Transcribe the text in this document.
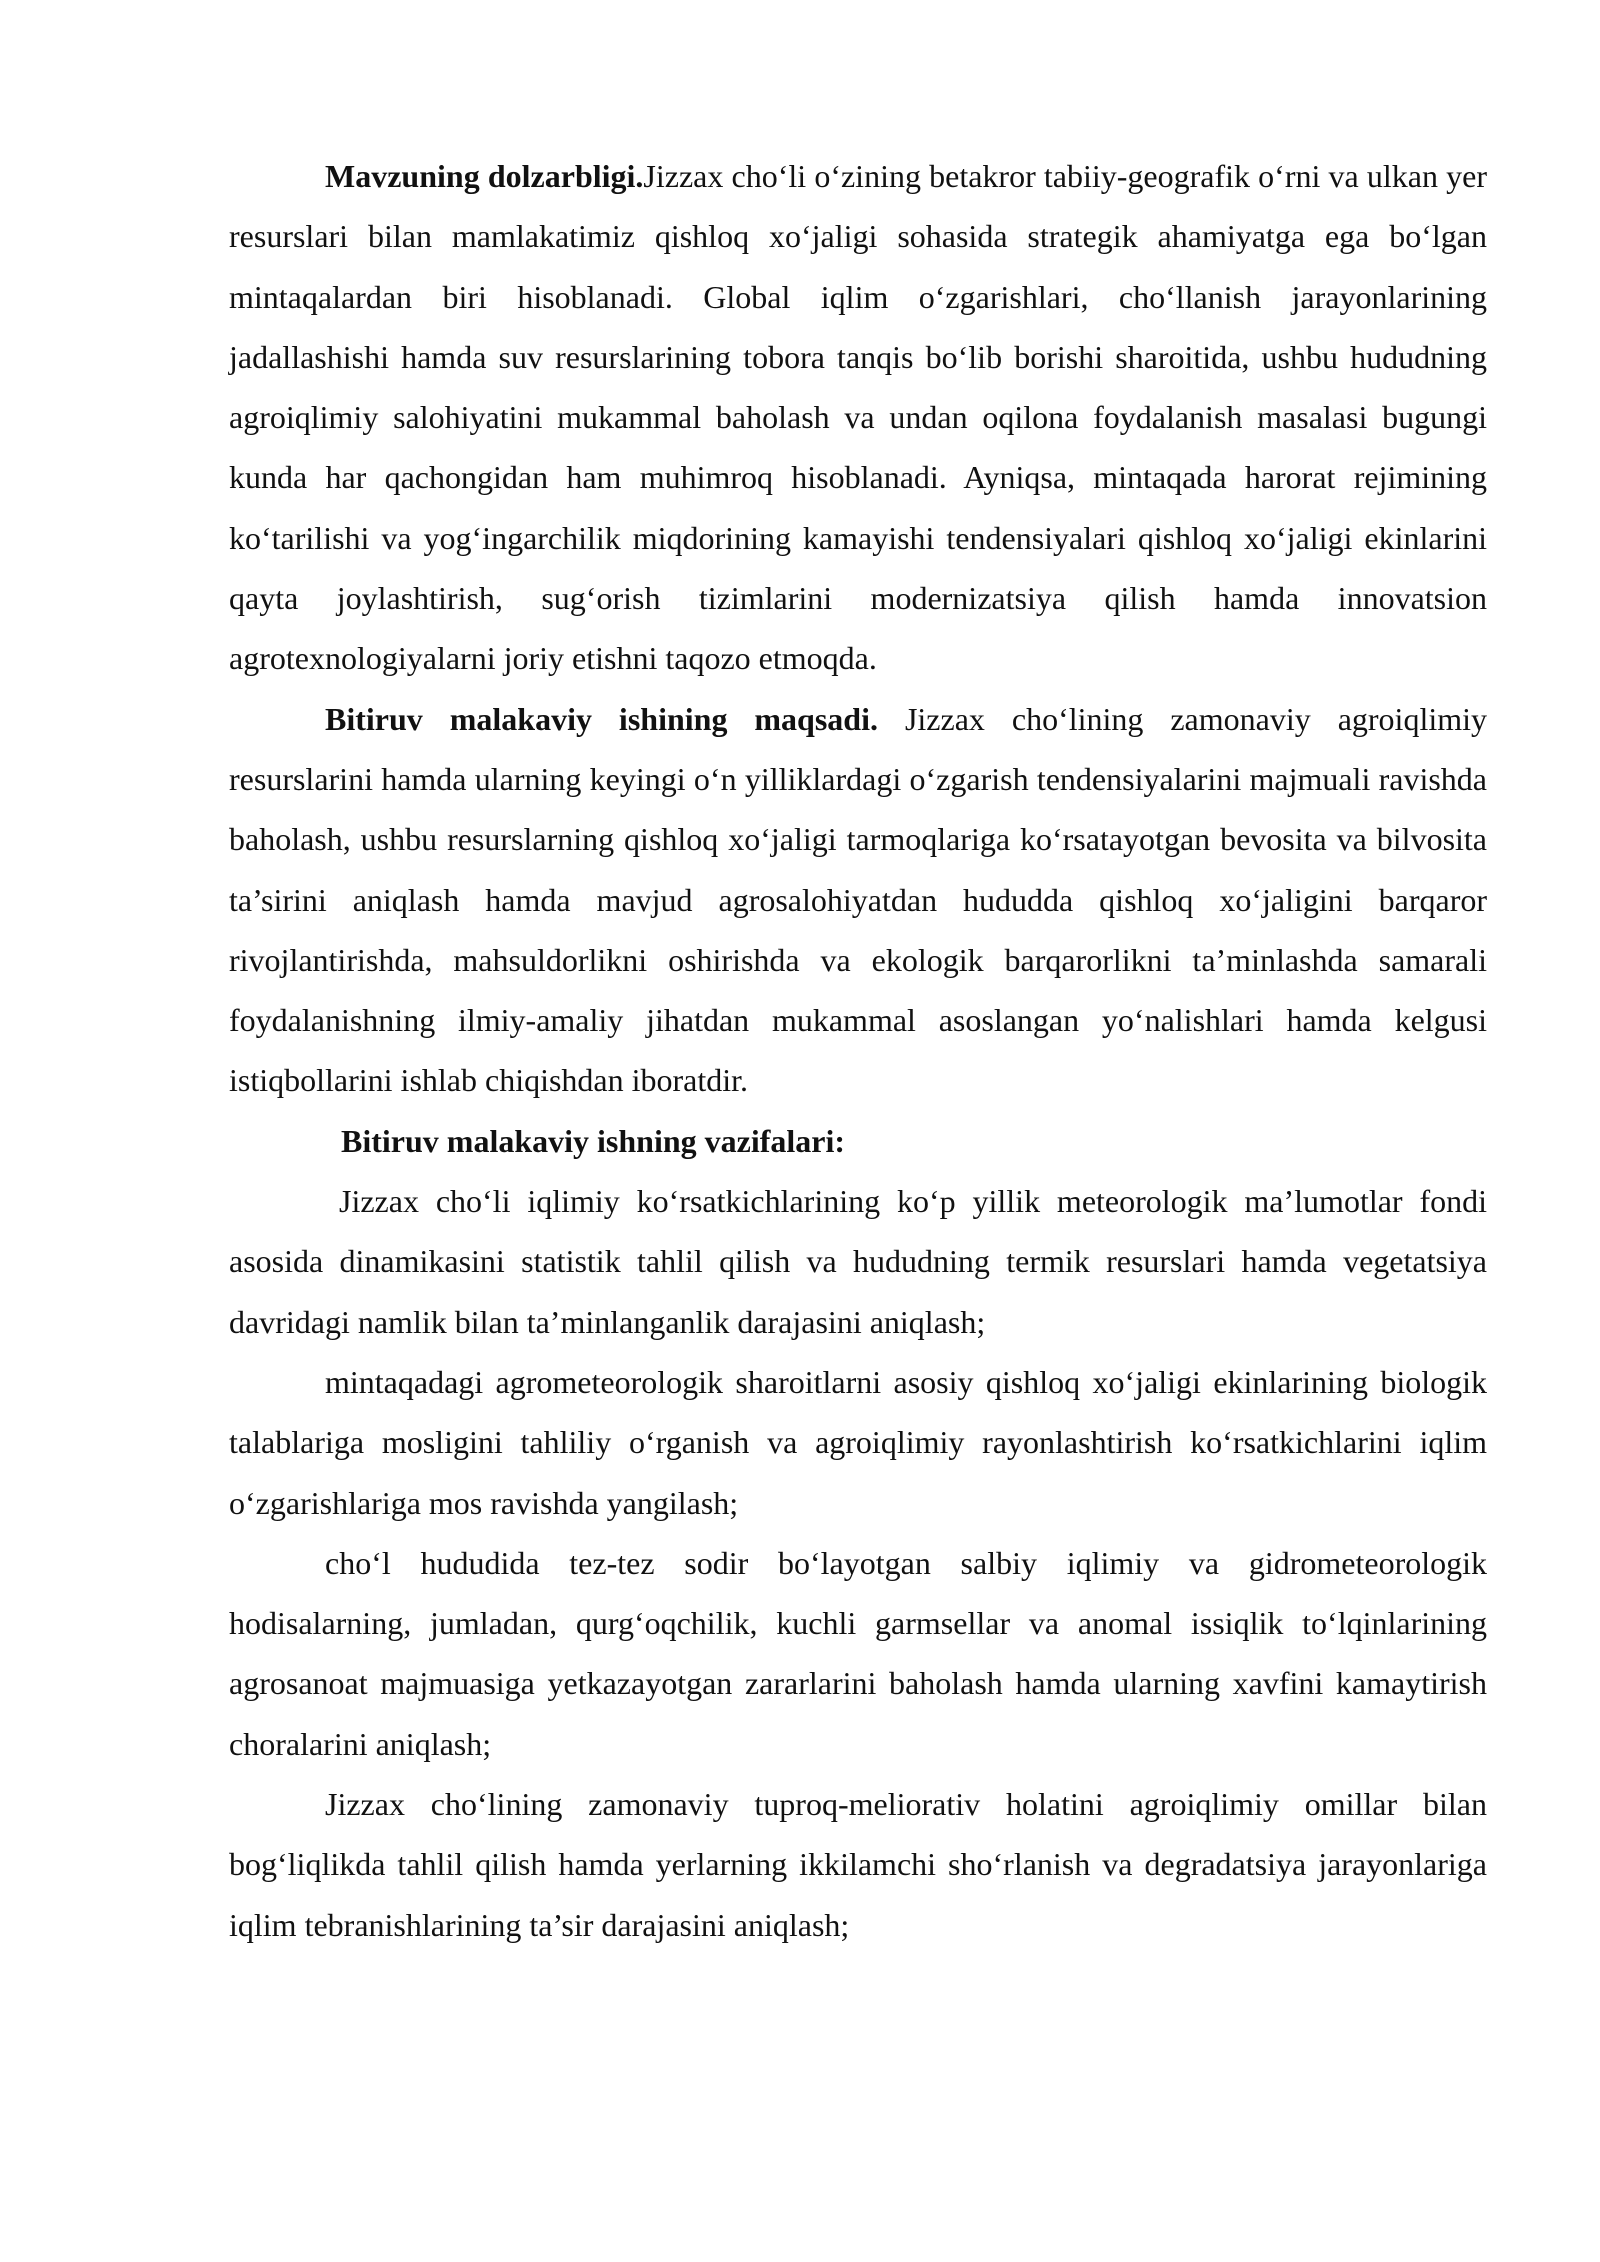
Mavzuning dolzarbligi.Jizzax cho‘li o‘zining betakror tabiiy-geografik o‘rni va ulkan yer resurslari bilan mamlakatimiz qishloq xo‘jaligi sohasida strategik ahamiyatga ega bo‘lgan mintaqalardan biri hisoblanadi. Global iqlim o‘zgarishlari, cho‘llanish jarayonlarining jadallashishi hamda suv resurslarining tobora tanqis bo‘lib borishi sharoitida, ushbu hududning agroiqlimiy salohiyatini mukammal baholash va undan oqilona foydalanish masalasi bugungi kunda har qachongidan ham muhimroq hisoblanadi. Ayniqsa, mintaqada harorat rejimining ko‘tarilishi va yog‘ingarchilik miqdorining kamayishi tendensiyalari qishloq xo‘jaligi ekinlarini qayta joylashtirish, sug‘orish tizimlarini modernizatsiya qilish hamda innovatsion agrotexnologiyalarni joriy etishni taqozo etmoqda.

Bitiruv malakaviy ishining maqsadi. Jizzax cho‘lining zamonaviy agroiqlimiy resurslarini hamda ularning keyingi o‘n yilliklardagi o‘zgarish tendensiyalarini majmuali ravishda baholash, ushbu resurslarning qishloq xo‘jaligi tarmoqlariga ko‘rsatayotgan bevosita va bilvosita ta’sirini aniqlash hamda mavjud agrosalohiyatdan hududda qishloq xo‘jaligini barqaror rivojlantirishda, mahsuldorlikni oshirishda va ekologik barqarorlikni ta’minlashda samarali foydalanishning ilmiy-amaliy jihatdan mukammal asoslangan yo‘nalishlari hamda kelgusi istiqbollarini ishlab chiqishdan iboratdir.

Bitiruv malakaviy ishning vazifalari:

Jizzax cho‘li iqlimiy ko‘rsatkichlarining ko‘p yillik meteorologik ma’lumotlar fondi asosida dinamikasini statistik tahlil qilish va hududning termik resurslari hamda vegetatsiya davridagi namlik bilan ta’minlanganlik darajasini aniqlash;

mintaqadagi agrometeorologik sharoitlarni asosiy qishloq xo‘jaligi ekinlarining biologik talablariga mosligini tahliliy o‘rganish va agroiqlimiy rayonlashtirish ko‘rsatkichlarini iqlim o‘zgarishlariga mos ravishda yangilash;

cho‘l hududida tez-tez sodir bo‘layotgan salbiy iqlimiy va gidrometeorologik hodisalarning, jumladan, qurg‘oqchilik, kuchli garmsellar va anomal issiqlik to‘lqinlarining agrosanoat majmuasiga yetkazayotgan zararlarini baholash hamda ularning xavfini kamaytirish choralarini aniqlash;

Jizzax cho‘lining zamonaviy tuproq-meliorativ holatini agroiqlimiy omillar bilan bog‘liqlikda tahlil qilish hamda yerlarning ikkilamchi sho‘rlanish va degradatsiya jarayonlariga iqlim tebranishlarining ta’sir darajasini aniqlash;
